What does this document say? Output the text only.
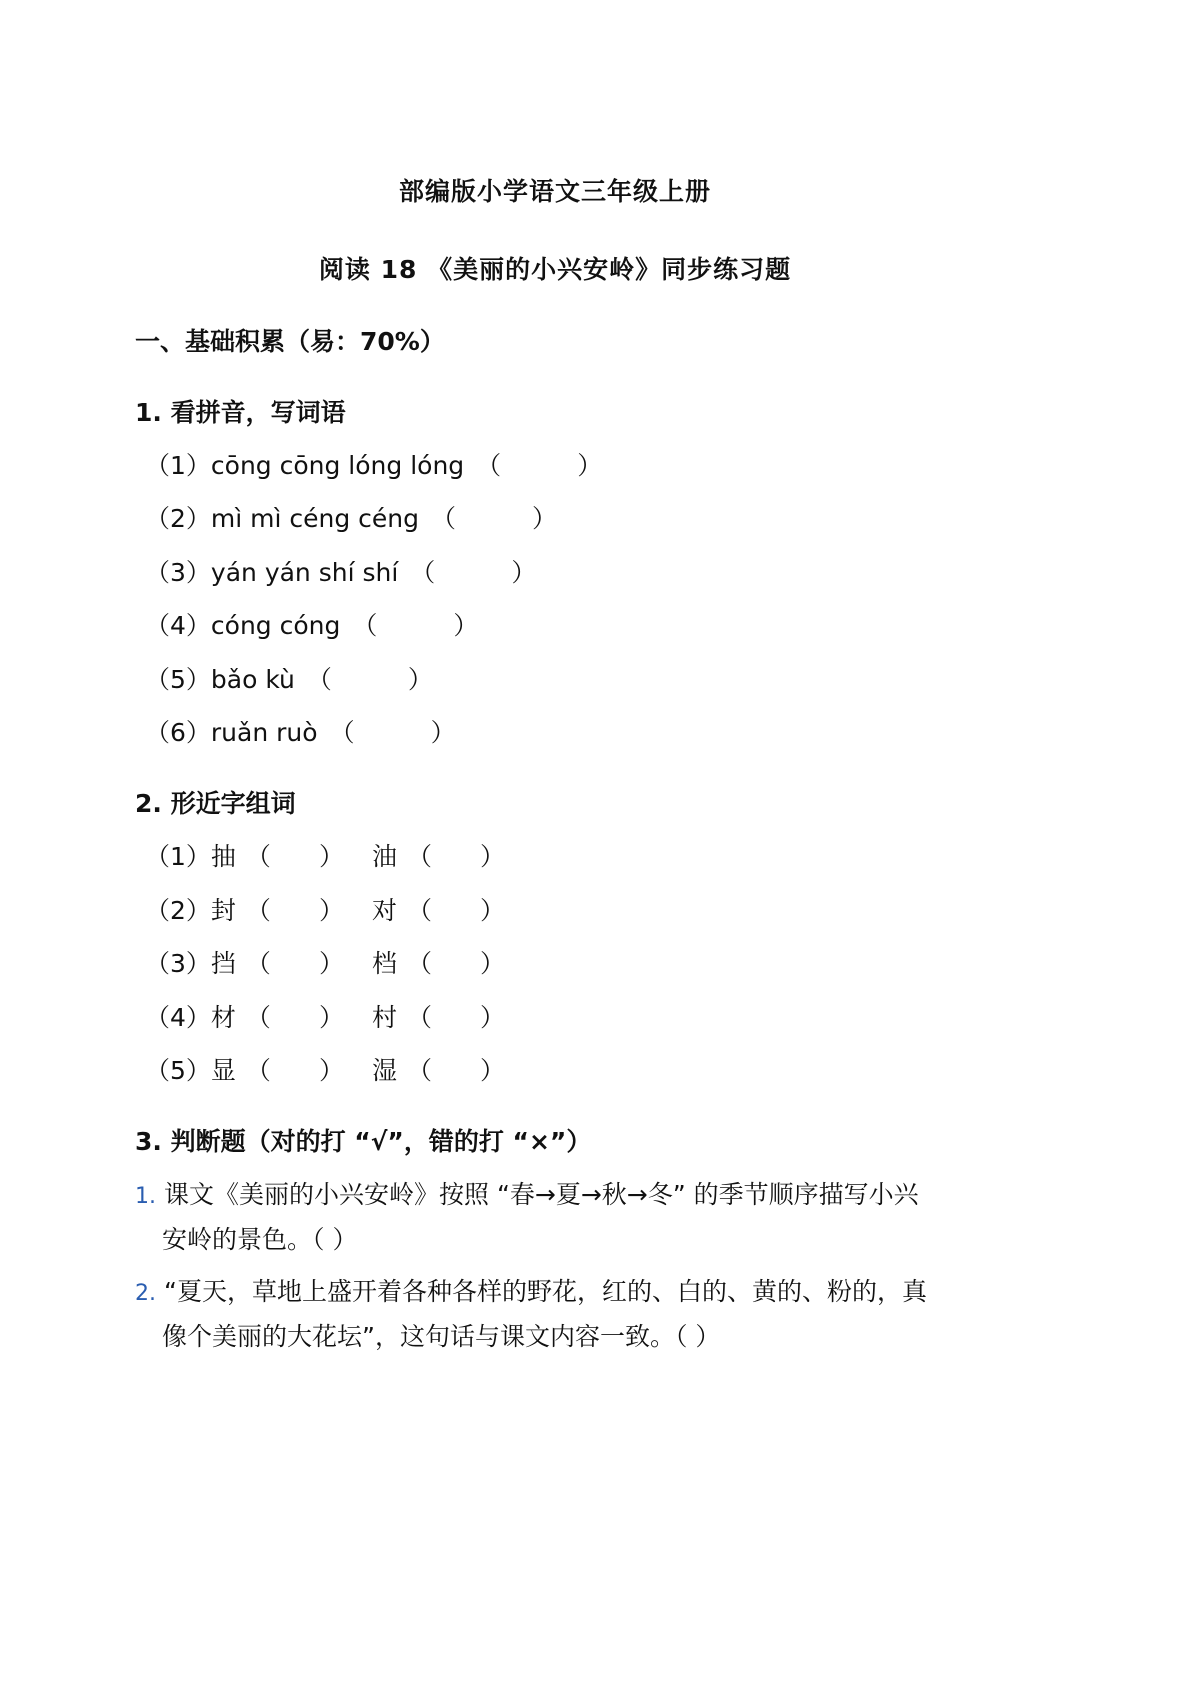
部编版小学语文三年级上册
阅读 18 《美丽的小兴安岭》同步练习题
一、基础积累（易：70%）
1. 看拼音，写词语
（1）cōng cōng lóng lóng （	）
（2）mì mì céng céng （	）
（3）yán yán shí shí （	）
（4）cóng cóng （	）
（5）bǎo kù （	）
（6）ruǎn ruò （	）
2. 形近字组词
（1）抽 （ ） 油 （ ）
（2）封 （ ） 对 （ ）
（3）挡 （ ） 档 （ ）
（4）材 （ ） 村 （ ）
（5）显 （ ） 湿 （ ）
3. 判断题（对的打 “√”，错的打 “×”）
1. 课文《美丽的小兴安岭》按照 “春→夏→秋→冬” 的季节顺序描写小兴
安岭的景色。（ ）
2. “夏天，草地上盛开着各种各样的野花，红的、白的、黄的、粉的，真
像个美丽的大花坛”，这句话与课文内容一致。（ ）
